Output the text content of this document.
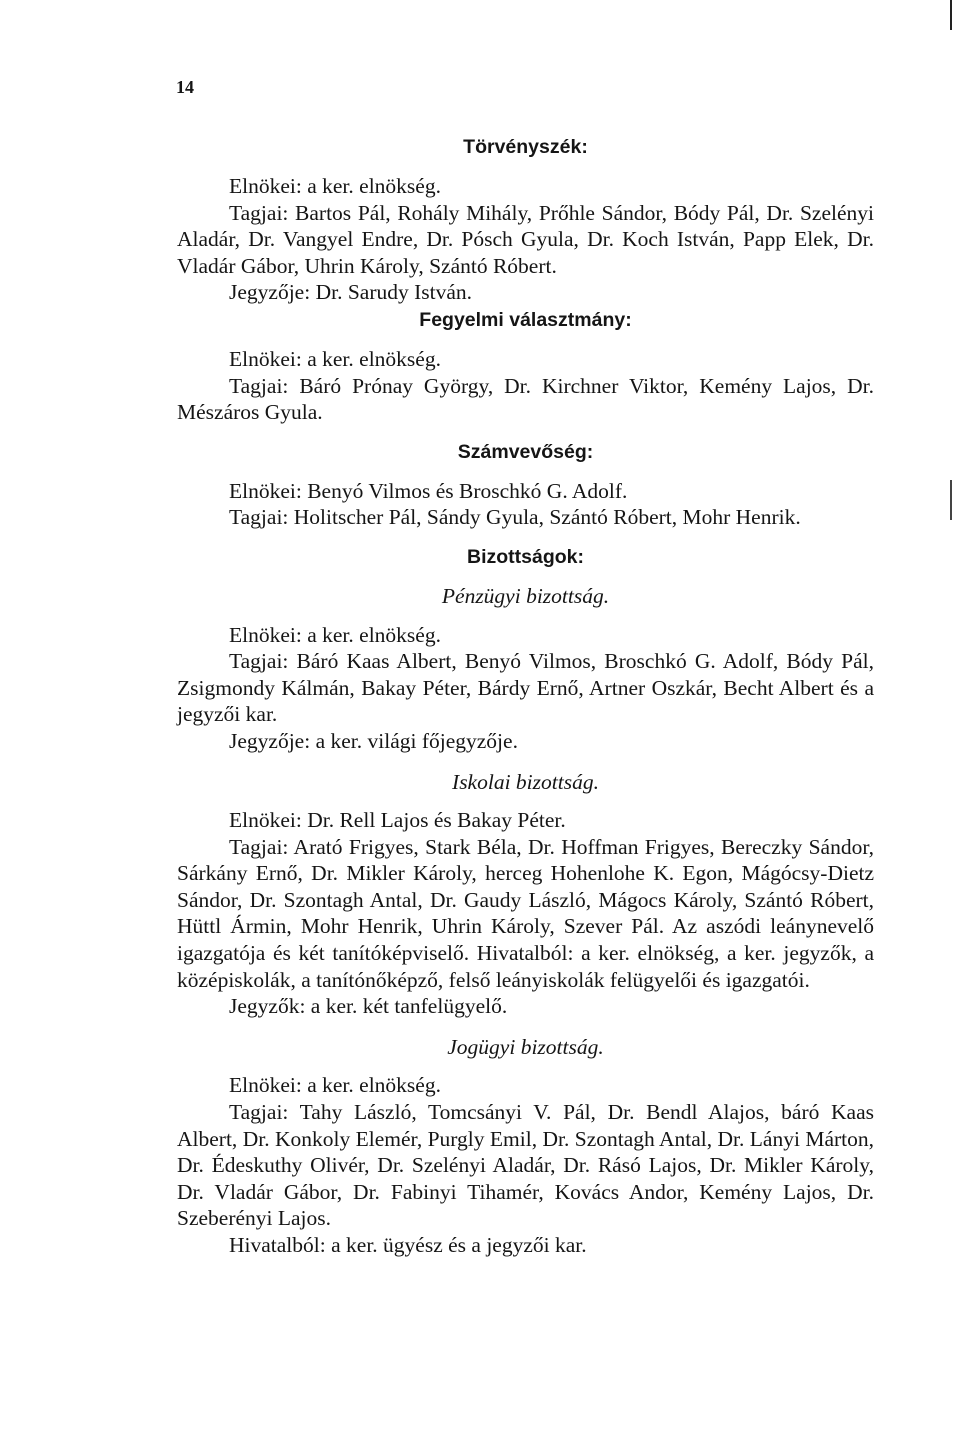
14
Törvényszék:

Elnökei: a ker. elnökség.

Tagjai: Bartos Pál, Rohály Mihály, Prőhle Sándor, Bódy Pál, Dr. Szelényi Aladár, Dr. Vangyel Endre, Dr. Pósch Gyula, Dr. Koch István, Papp Elek, Dr. Vladár Gábor, Uhrin Károly, Szántó Róbert.

Jegyzője: Dr. Sarudy István.

Fegyelmi választmány:

Elnökei: a ker. elnökség.

Tagjai: Báró Prónay György, Dr. Kirchner Viktor, Kemény Lajos, Dr. Mészáros Gyula.

Számvevőség:

Elnökei: Benyó Vilmos és Broschkó G. Adolf.

Tagjai: Holitscher Pál, Sándy Gyula, Szántó Róbert, Mohr Henrik.

Bizottságok:

Pénzügyi bizottság.

Elnökei: a ker. elnökség.

Tagjai: Báró Kaas Albert, Benyó Vilmos, Broschkó G. Adolf, Bódy Pál, Zsigmondy Kálmán, Bakay Péter, Bárdy Ernő, Artner Oszkár, Becht Albert és a jegyzői kar.

Jegyzője: a ker. világi főjegyzője.

Iskolai bizottság.

Elnökei: Dr. Rell Lajos és Bakay Péter.

Tagjai: Arató Frigyes, Stark Béla, Dr. Hoffman Frigyes, Bereczky Sándor, Sárkány Ernő, Dr. Mikler Károly, herceg Hohenlohe K. Egon, Mágócsy-Dietz Sándor, Dr. Szontagh Antal, Dr. Gaudy László, Mágocs Károly, Szántó Róbert, Hüttl Ármin, Mohr Henrik, Uhrin Károly, Szever Pál. Az aszódi leánynevelő igazgatója és két tanítóképviselő. Hivatalból: a ker. elnökség, a ker. jegyzők, a középiskolák, a tanítónőképző, felső leányiskolák felügyelői és igazgatói.

Jegyzők: a ker. két tanfelügyelő.

Jogügyi bizottság.

Elnökei: a ker. elnökség.

Tagjai: Tahy László, Tomcsányi V. Pál, Dr. Bendl Alajos, báró Kaas Albert, Dr. Konkoly Elemér, Purgly Emil, Dr. Szontagh Antal, Dr. Lányi Márton, Dr. Édeskuthy Olivér, Dr. Szelényi Aladár, Dr. Rásó Lajos, Dr. Mikler Károly, Dr. Vladár Gábor, Dr. Fabinyi Tihamér, Kovács Andor, Kemény Lajos, Dr. Szeberényi Lajos.

Hivatalból: a ker. ügyész és a jegyzői kar.
